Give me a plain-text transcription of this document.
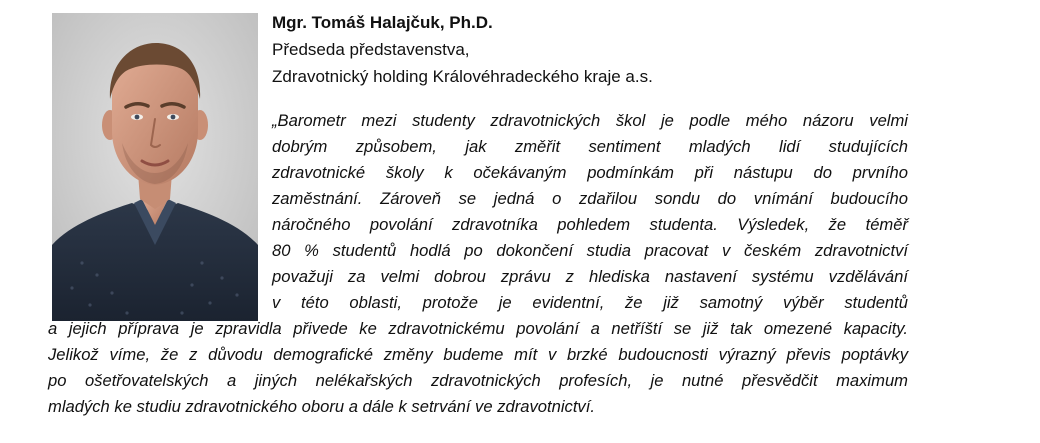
Mgr. Tomáš Halajčuk, Ph.D.
Předseda představenstva,
Zdravotnický holding Královéhradeckého kraje a.s.
„Barometr mezi studenty zdravotnických škol je podle mého názoru velmi
dobrým způsobem, jak změřit sentiment mladých lidí studujících
zdravotnické školy k očekávaným podmínkám při nástupu do prvního
zaměstnání. Zároveň se jedná o zdařilou sondu do vnímání budoucího
náročného povolání zdravotníka pohledem studenta. Výsledek, že téměř
80 % studentů hodlá po dokončení studia pracovat v českém zdravotnictví
považuji za velmi dobrou zprávu z hlediska nastavení systému vzdělávání
v této oblasti, protože je evidentní, že již samotný výběr studentů
a jejich příprava je zpravidla přivede ke zdravotnickému povolání a netříští se již tak omezené kapacity.
Jelikož víme, že z důvodu demografické změny budeme mít v brzké budoucnosti výrazný převis poptávky
po ošetřovatelských a jiných nelékařských zdravotnických profesích, je nutné přesvědčit maximum
mladých ke studiu zdravotnického oboru a dále k setrvání ve zdravotnictví.
